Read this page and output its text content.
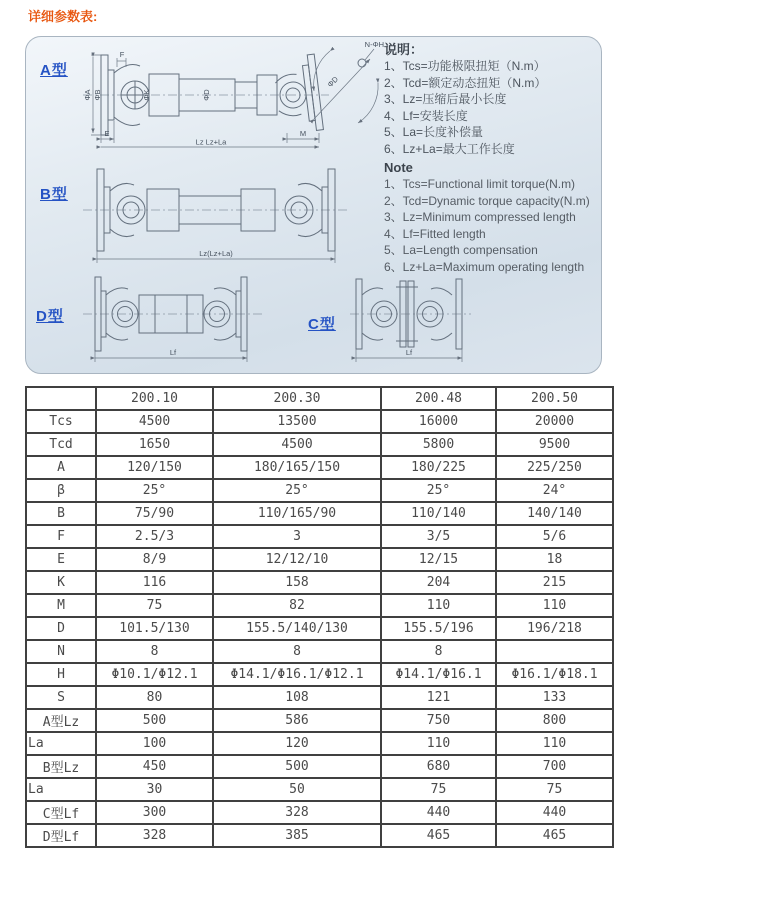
详细参数表:
A型
B型
D型	C型
ΦA ΦB
F
ΦK	ΦD
E	M
Lz Lz+La
ΦD
N-ΦH
Lz(Lz+La)
Lf	Lf
说明：
1、Tcs=功能极限扭矩（N.m）
2、Tcd=额定动态扭矩（N.m）
3、Lz=压缩后最小长度
4、Lf=安装长度
5、La=长度补偿量
6、Lz+La=最大工作长度
Note
1、Tcs=Functional limit torque(N.m)
2、Tcd=Dynamic torque capacity(N.m)
3、Lz=Minimum compressed length
4、Lf=Fitted length
5、La=Length compensation
6、Lz+La=Maximum operating length
	200.10	200.30	200.48	200.50
Tcs	4500	13500	16000	20000
Tcd	1650	4500	5800	9500
A	120/150	180/165/150	180/225	225/250
β	25°	25°	25°	24°
B	75/90	110/165/90	110/140	140/140
F	2.5/3	3	3/5	5/6
E	8/9	12/12/10	12/15	18
K	116	158	204	215
M	75	82	110	110
D	101.5/130	155.5/140/130	155.5/196	196/218
N	8	8	8	
H	Φ10.1/Φ12.1	Φ14.1/Φ16.1/Φ12.1	Φ14.1/Φ16.1	Φ16.1/Φ18.1
S	80	108	121	133
A型Lz	500	586	750	800
La	100	120	110	110
B型Lz	450	500	680	700
La	30	50	75	75
C型Lf	300	328	440	440
D型Lf	328	385	465	465
